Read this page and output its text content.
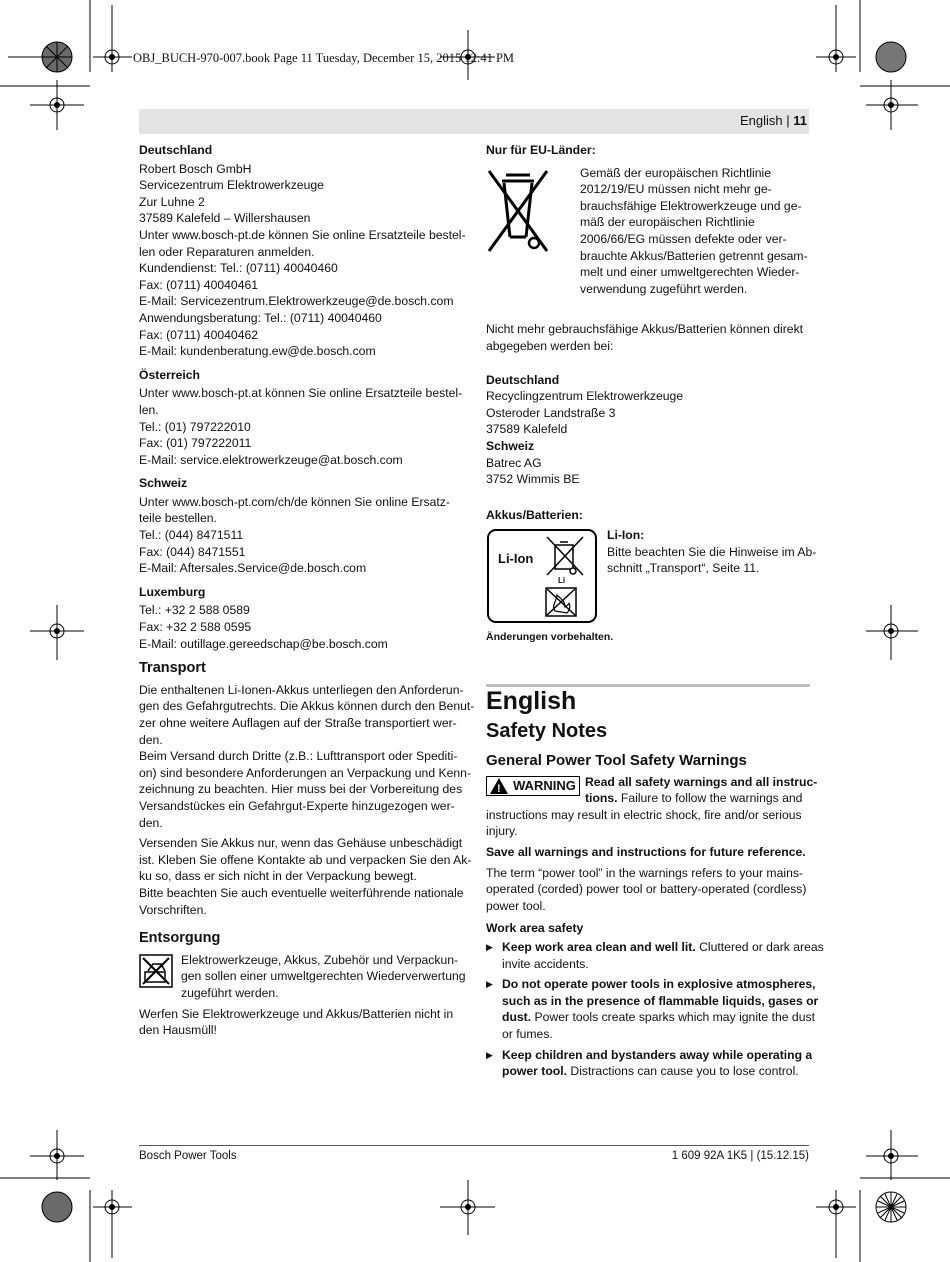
OBJ_BUCH-970-007.book Page 11 Tuesday, December 15, 2015 12:41 PM
English | 11
Deutschland
Robert Bosch GmbH
Servicezentrum Elektrowerkzeuge
Zur Luhne 2
37589 Kalefeld – Willershausen
Unter www.bosch-pt.de können Sie online Ersatzteile bestel-
len oder Reparaturen anmelden.
Kundendienst: Tel.: (0711) 40040460
Fax: (0711) 40040461
E-Mail: Servicezentrum.Elektrowerkzeuge@de.bosch.com
Anwendungsberatung: Tel.: (0711) 40040460
Fax: (0711) 40040462
E-Mail: kundenberatung.ew@de.bosch.com
Österreich
Unter www.bosch-pt.at können Sie online Ersatzteile bestel-
len.
Tel.: (01) 797222010
Fax: (01) 797222011
E-Mail: service.elektrowerkzeuge@at.bosch.com
Schweiz
Unter www.bosch-pt.com/ch/de können Sie online Ersatz-
teile bestellen.
Tel.: (044) 8471511
Fax: (044) 8471551
E-Mail: Aftersales.Service@de.bosch.com
Luxemburg
Tel.: +32 2 588 0589
Fax: +32 2 588 0595
E-Mail: outillage.gereedschap@be.bosch.com
Transport
Die enthaltenen Li-Ionen-Akkus unterliegen den Anforderun-
gen des Gefahrgutrechts. Die Akkus können durch den Benut-
zer ohne weitere Auflagen auf der Straße transportiert wer-
den.
Beim Versand durch Dritte (z.B.: Lufttransport oder Spediti-
on) sind besondere Anforderungen an Verpackung und Kenn-
zeichnung zu beachten. Hier muss bei der Vorbereitung des
Versandstückes ein Gefahrgut-Experte hinzugezogen wer-
den.
Versenden Sie Akkus nur, wenn das Gehäuse unbeschädigt
ist. Kleben Sie offene Kontakte ab und verpacken Sie den Ak-
ku so, dass er sich nicht in der Verpackung bewegt.
Bitte beachten Sie auch eventuelle weiterführende nationale
Vorschriften.
Entsorgung
Elektrowerkzeuge, Akkus, Zubehör und Verpackun-
gen sollen einer umweltgerechten Wiederverwertung
zugeführt werden.
Werfen Sie Elektrowerkzeuge und Akkus/Batterien nicht in
den Hausmüll!
Nur für EU-Länder:
Gemäß der europäischen Richtlinie
2012/19/EU müssen nicht mehr ge-
brauchsfähige Elektrowerkzeuge und ge-
mäß der europäischen Richtlinie
2006/66/EG müssen defekte oder ver-
brauchte Akkus/Batterien getrennt gesam-
melt und einer umweltgerechten Wieder-
verwendung zugeführt werden.
Nicht mehr gebrauchsfähige Akkus/Batterien können direkt
abgegeben werden bei:
Deutschland
Recyclingzentrum Elektrowerkzeuge
Osteroder Landstraße 3
37589 Kalefeld
Schweiz
Batrec AG
3752 Wimmis BE
Akkus/Batterien:
Li-Ion
Li
Li-Ion:
Bitte beachten Sie die Hinweise im Ab-
schnitt „Transport“, Seite 11.
Änderungen vorbehalten.
English
Safety Notes
General Power Tool Safety Warnings
! WARNING Read all safety warnings and all instruc-
tions. Failure to follow the warnings and
instructions may result in electric shock, fire and/or serious
injury.
Save all warnings and instructions for future reference.
The term “power tool” in the warnings refers to your mains-
operated (corded) power tool or battery-operated (cordless)
power tool.
Work area safety
▶ Keep work area clean and well lit. Cluttered or dark areas
invite accidents.
▶ Do not operate power tools in explosive atmospheres,
such as in the presence of flammable liquids, gases or
dust. Power tools create sparks which may ignite the dust
or fumes.
▶ Keep children and bystanders away while operating a
power tool. Distractions can cause you to lose control.
Bosch Power Tools	1 609 92A 1K5 | (15.12.15)
